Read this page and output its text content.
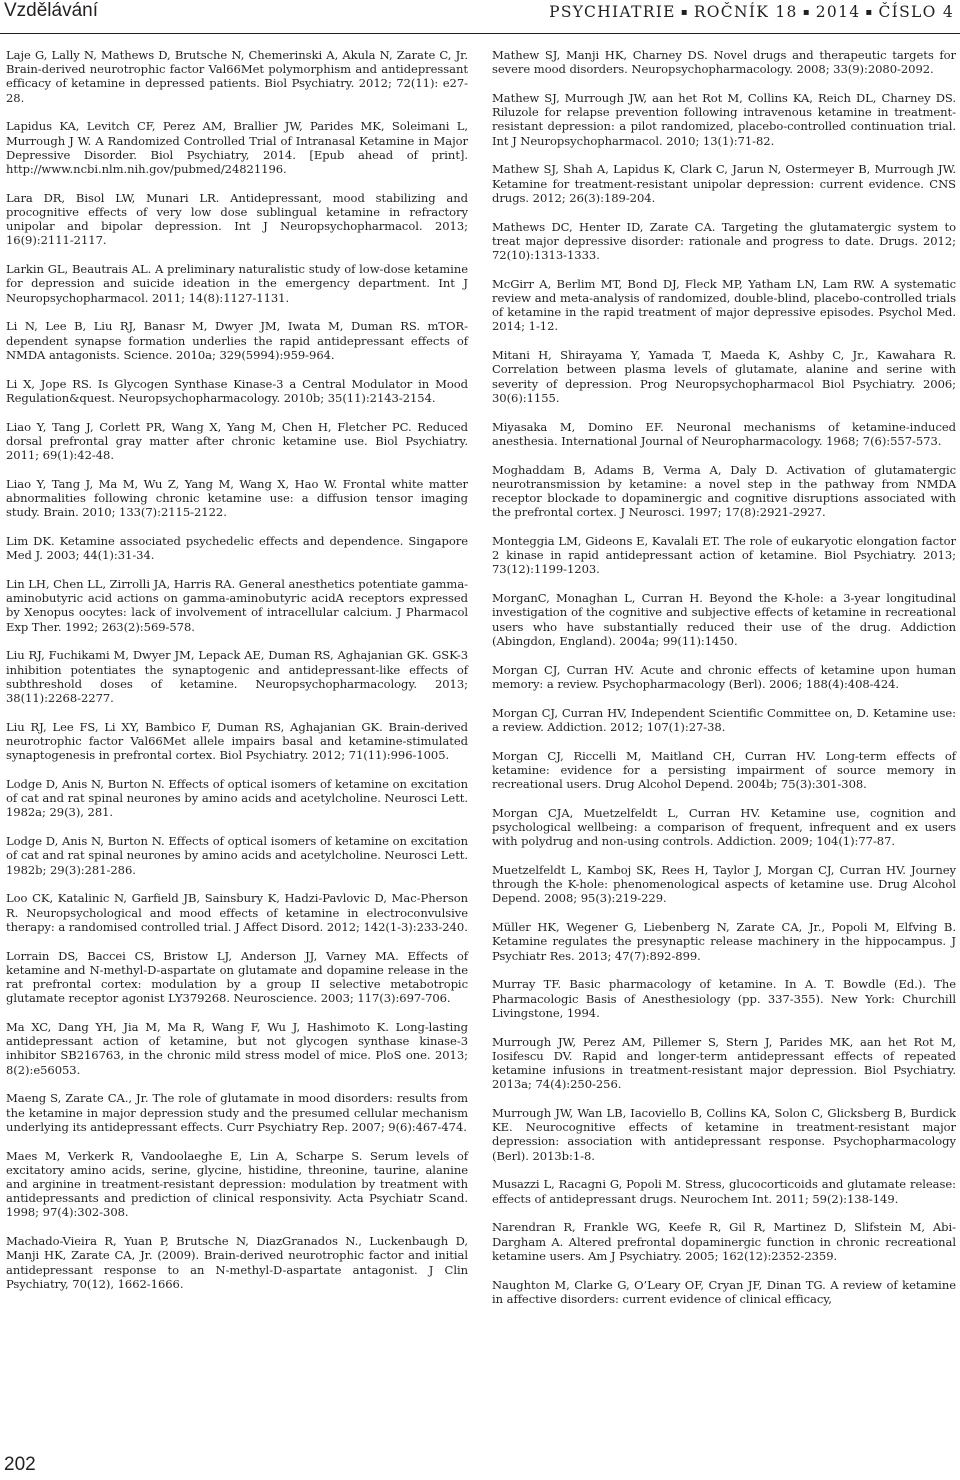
Vzdělávání	PSYCHIATRIE ▪ ROČNÍK 18 ▪ 2014 ▪ ČÍSLO 4

Laje G, Lally N, Mathews D, Brutsche N, Chemerinski A, Akula N, Zarate C, Jr. Brain-derived neurotrophic factor Val66Met polymorphism and antidepressant efficacy of ketamine in depressed patients. Biol Psychiatry. 2012; 72(11): e27-28.

Lapidus KA, Levitch CF, Perez AM, Brallier JW, Parides MK, Soleimani L, Murrough J W. A Randomized Controlled Trial of Intranasal Ketamine in Major Depressive Disorder. Biol Psychiatry, 2014. [Epub ahead of print]. http://www.ncbi.nlm.nih.gov/pubmed/24821196.

Lara DR, Bisol LW, Munari LR. Antidepressant, mood stabilizing and procognitive effects of very low dose sublingual ketamine in refractory unipolar and bipolar depression. Int J Neuropsychopharmacol. 2013; 16(9):2111-2117.

Larkin GL, Beautrais AL. A preliminary naturalistic study of low-dose ketamine for depression and suicide ideation in the emergency department. Int J Neuropsychopharmacol. 2011; 14(8):1127-1131.

Li N, Lee B, Liu RJ, Banasr M, Dwyer JM, Iwata M, Duman RS. mTOR-dependent synapse formation underlies the rapid antidepressant effects of NMDA antagonists. Science. 2010a; 329(5994):959-964.

Li X, Jope RS. Is Glycogen Synthase Kinase-3 a Central Modulator in Mood Regulation&quest. Neuropsychopharmacology. 2010b; 35(11):2143-2154.

Liao Y, Tang J, Corlett PR, Wang X, Yang M, Chen H, Fletcher PC. Reduced dorsal prefrontal gray matter after chronic ketamine use. Biol Psychiatry. 2011; 69(1):42-48.

Liao Y, Tang J, Ma M, Wu Z, Yang M, Wang X, Hao W. Frontal white matter abnormalities following chronic ketamine use: a diffusion tensor imaging study. Brain. 2010; 133(7):2115-2122.

Lim DK. Ketamine associated psychedelic effects and dependence. Singapore Med J. 2003; 44(1):31-34.

Lin LH, Chen LL, Zirrolli JA, Harris RA. General anesthetics potentiate gamma-aminobutyric acid actions on gamma-aminobutyric acidA receptors expressed by Xenopus oocytes: lack of involvement of intracellular calcium. J Pharmacol Exp Ther. 1992; 263(2):569-578.

Liu RJ, Fuchikami M, Dwyer JM, Lepack AE, Duman RS, Aghajanian GK. GSK-3 inhibition potentiates the synaptogenic and antidepressant-like effects of subthreshold doses of ketamine. Neuropsychopharmacology. 2013; 38(11):2268-2277.

Liu RJ, Lee FS, Li XY, Bambico F, Duman RS, Aghajanian GK. Brain-derived neurotrophic factor Val66Met allele impairs basal and ketamine-stimulated synaptogenesis in prefrontal cortex. Biol Psychiatry. 2012; 71(11):996-1005.

Lodge D, Anis N, Burton N. Effects of optical isomers of ketamine on excitation of cat and rat spinal neurones by amino acids and acetylcholine. Neurosci Lett. 1982a; 29(3), 281.

Lodge D, Anis N, Burton N. Effects of optical isomers of ketamine on excitation of cat and rat spinal neurones by amino acids and acetylcholine. Neurosci Lett. 1982b; 29(3):281-286.

Loo CK, Katalinic N, Garfield JB, Sainsbury K, Hadzi-Pavlovic D, Mac-Pherson R. Neuropsychological and mood effects of ketamine in electroconvulsive therapy: a randomised controlled trial. J Affect Disord. 2012; 142(1-3):233-240.

Lorrain DS, Baccei CS, Bristow LJ, Anderson JJ, Varney MA. Effects of ketamine and N-methyl-D-aspartate on glutamate and dopamine release in the rat prefrontal cortex: modulation by a group II selective metabotropic glutamate receptor agonist LY379268. Neuroscience. 2003; 117(3):697-706.

Ma XC, Dang YH, Jia M, Ma R, Wang F, Wu J, Hashimoto K. Long-lasting antidepressant action of ketamine, but not glycogen synthase kinase-3 inhibitor SB216763, in the chronic mild stress model of mice. PloS one. 2013; 8(2):e56053.

Maeng S, Zarate CA., Jr. The role of glutamate in mood disorders: results from the ketamine in major depression study and the presumed cellular mechanism underlying its antidepressant effects. Curr Psychiatry Rep. 2007; 9(6):467-474.

Maes M, Verkerk R, Vandoolaeghe E, Lin A, Scharpe S. Serum levels of excitatory amino acids, serine, glycine, histidine, threonine, taurine, alanine and arginine in treatment-resistant depression: modulation by treatment with antidepressants and prediction of clinical responsivity. Acta Psychiatr Scand. 1998; 97(4):302-308.

Machado-Vieira R, Yuan P, Brutsche N, DiazGranados N., Luckenbaugh D, Manji HK, Zarate CA, Jr. (2009). Brain-derived neurotrophic factor and initial antidepressant response to an N-methyl-D-aspartate antagonist. J Clin Psychiatry, 70(12), 1662-1666.

Mathew SJ, Manji HK, Charney DS. Novel drugs and therapeutic targets for severe mood disorders. Neuropsychopharmacology. 2008; 33(9):2080-2092.

Mathew SJ, Murrough JW, aan het Rot M, Collins KA, Reich DL, Charney DS. Riluzole for relapse prevention following intravenous ketamine in treatment-resistant depression: a pilot randomized, placebo-controlled continuation trial. Int J Neuropsychopharmacol. 2010; 13(1):71-82.

Mathew SJ, Shah A, Lapidus K, Clark C, Jarun N, Ostermeyer B, Murrough JW. Ketamine for treatment-resistant unipolar depression: current evidence. CNS drugs. 2012; 26(3):189-204.

Mathews DC, Henter ID, Zarate CA. Targeting the glutamatergic system to treat major depressive disorder: rationale and progress to date. Drugs. 2012; 72(10):1313-1333.

McGirr A, Berlim MT, Bond DJ, Fleck MP, Yatham LN, Lam RW. A systematic review and meta-analysis of randomized, double-blind, placebo-controlled trials of ketamine in the rapid treatment of major depressive episodes. Psychol Med. 2014; 1-12.

Mitani H, Shirayama Y, Yamada T, Maeda K, Ashby C, Jr., Kawahara R. Correlation between plasma levels of glutamate, alanine and serine with severity of depression. Prog Neuropsychopharmacol Biol Psychiatry. 2006; 30(6):1155.

Miyasaka M, Domino EF. Neuronal mechanisms of ketamine-induced anesthesia. International Journal of Neuropharmacology. 1968; 7(6):557-573.

Moghaddam B, Adams B, Verma A, Daly D. Activation of glutamatergic neurotransmission by ketamine: a novel step in the pathway from NMDA receptor blockade to dopaminergic and cognitive disruptions associated with the prefrontal cortex. J Neurosci. 1997; 17(8):2921-2927.

Monteggia LM, Gideons E, Kavalali ET. The role of eukaryotic elongation factor 2 kinase in rapid antidepressant action of ketamine. Biol Psychiatry. 2013; 73(12):1199-1203.

MorganC, Monaghan L, Curran H. Beyond the K-hole: a 3-year longitudinal investigation of the cognitive and subjective effects of ketamine in recreational users who have substantially reduced their use of the drug. Addiction (Abingdon, England). 2004a; 99(11):1450.

Morgan CJ, Curran HV. Acute and chronic effects of ketamine upon human memory: a review. Psychopharmacology (Berl). 2006; 188(4):408-424.

Morgan CJ, Curran HV, Independent Scientific Committee on, D. Ketamine use: a review. Addiction. 2012; 107(1):27-38.

Morgan CJ, Riccelli M, Maitland CH, Curran HV. Long-term effects of ketamine: evidence for a persisting impairment of source memory in recreational users. Drug Alcohol Depend. 2004b; 75(3):301-308.

Morgan CJA, Muetzelfeldt L, Curran HV. Ketamine use, cognition and psychological wellbeing: a comparison of frequent, infrequent and ex users with polydrug and non-using controls. Addiction. 2009; 104(1):77-87.

Muetzelfeldt L, Kamboj SK, Rees H, Taylor J, Morgan CJ, Curran HV. Journey through the K-hole: phenomenological aspects of ketamine use. Drug Alcohol Depend. 2008; 95(3):219-229.

Müller HK, Wegener G, Liebenberg N, Zarate CA, Jr., Popoli M, Elfving B. Ketamine regulates the presynaptic release machinery in the hippocampus. J Psychiatr Res. 2013; 47(7):892-899.

Murray TF. Basic pharmacology of ketamine. In A. T. Bowdle (Ed.). The Pharmacologic Basis of Anesthesiology (pp. 337-355). New York: Churchill Livingstone, 1994.

Murrough JW, Perez AM, Pillemer S, Stern J, Parides MK, aan het Rot M, Iosifescu DV. Rapid and longer-term antidepressant effects of repeated ketamine infusions in treatment-resistant major depression. Biol Psychiatry. 2013a; 74(4):250-256.

Murrough JW, Wan LB, Iacoviello B, Collins KA, Solon C, Glicksberg B, Burdick KE. Neurocognitive effects of ketamine in treatment-resistant major depression: association with antidepressant response. Psychopharmacology (Berl). 2013b:1-8.

Musazzi L, Racagni G, Popoli M. Stress, glucocorticoids and glutamate release: effects of antidepressant drugs. Neurochem Int. 2011; 59(2):138-149.

Narendran R, Frankle WG, Keefe R, Gil R, Martinez D, Slifstein M, Abi-Dargham A. Altered prefrontal dopaminergic function in chronic recreational ketamine users. Am J Psychiatry. 2005; 162(12):2352-2359.

Naughton M, Clarke G, O’Leary OF, Cryan JF, Dinan TG. A review of ketamine in affective disorders: current evidence of clinical efficacy,

202
